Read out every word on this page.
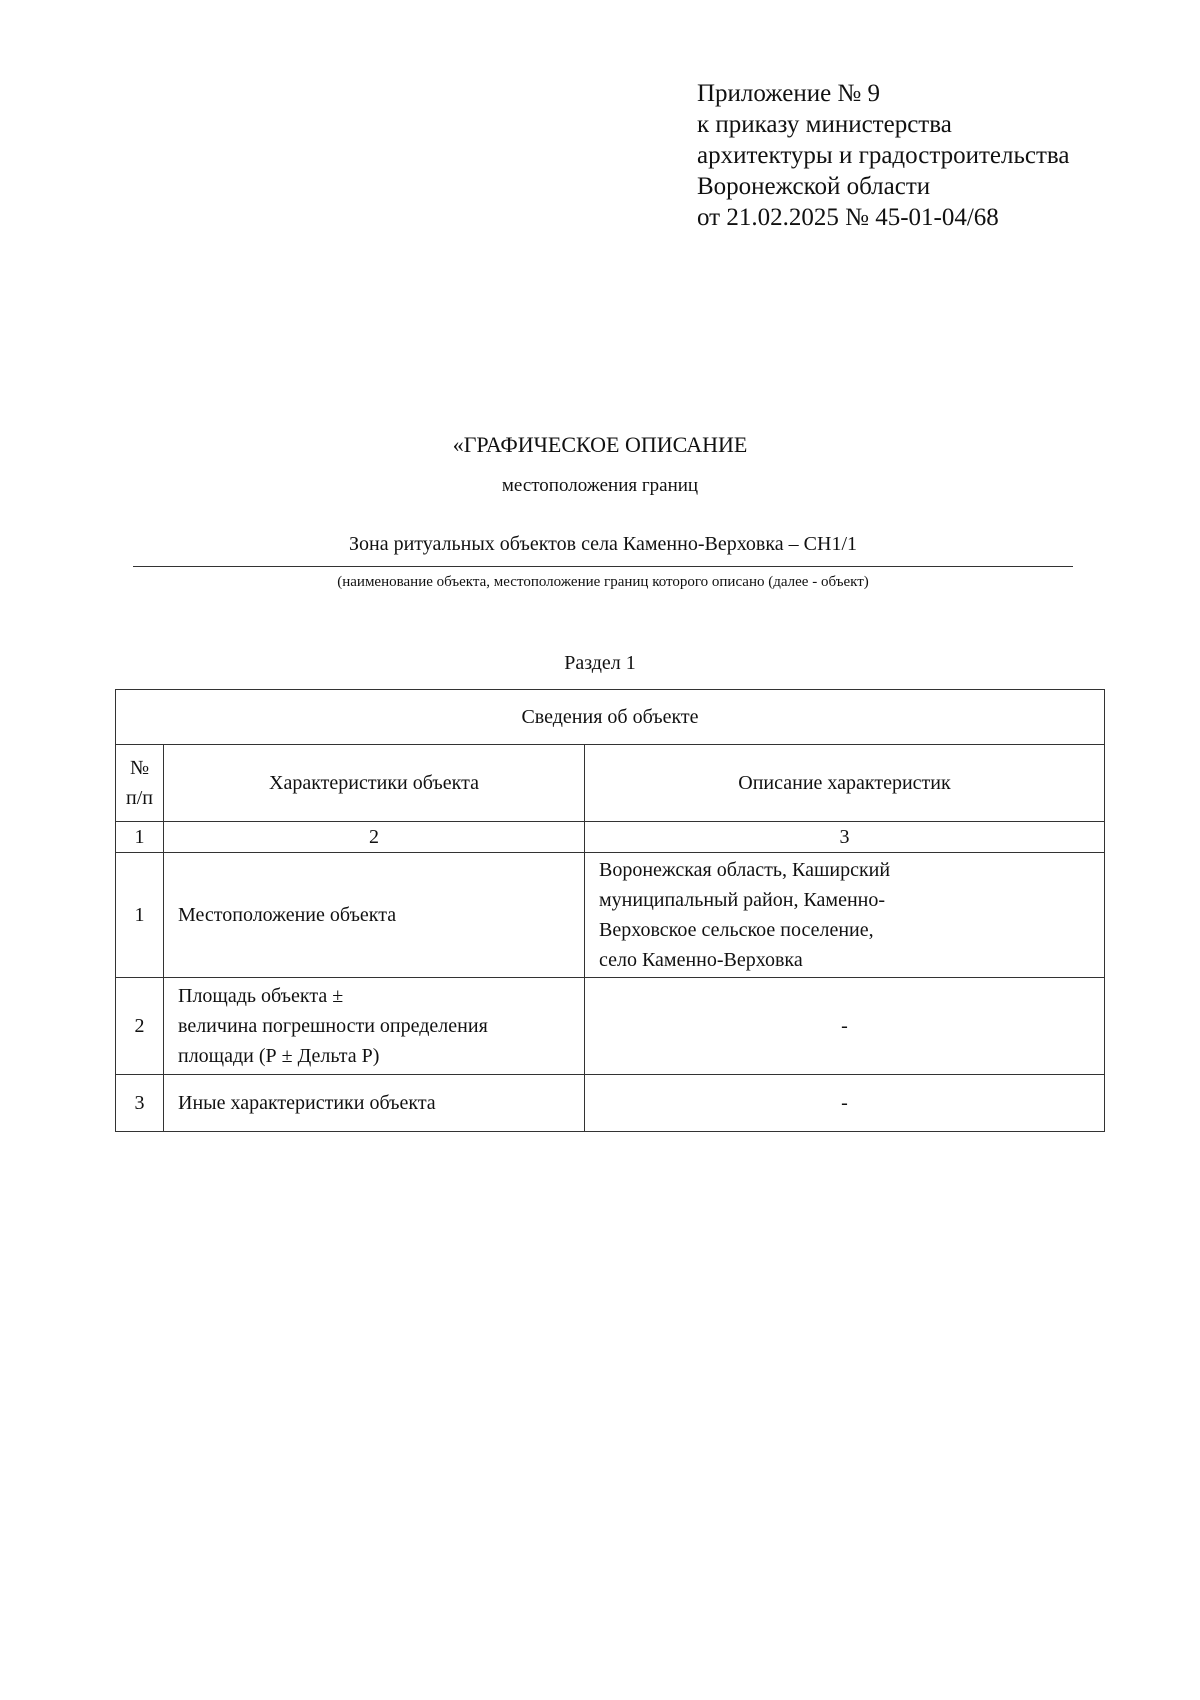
Приложение № 9
к приказу министерства
архитектуры и градостроительства
Воронежской области
от 21.02.2025 № 45-01-04/68
«ГРАФИЧЕСКОЕ ОПИСАНИЕ
местоположения границ
Зона ритуальных объектов села Каменно-Верховка – СН1/1
(наименование объекта, местоположение границ которого описано (далее - объект)
Раздел 1
Сведения об объекте		
№
п/п	Характеристики объекта	Описание характеристик
1	2	3
1	Местоположение объекта	Воронежская область, Каширский
муниципальный район, Каменно-
Верховское сельское поселение,
село Каменно-Верховка
2	Площадь объекта ±
величина погрешности определения
площади (Р ± Дельта Р)	-
3	Иные характеристики объекта	-
